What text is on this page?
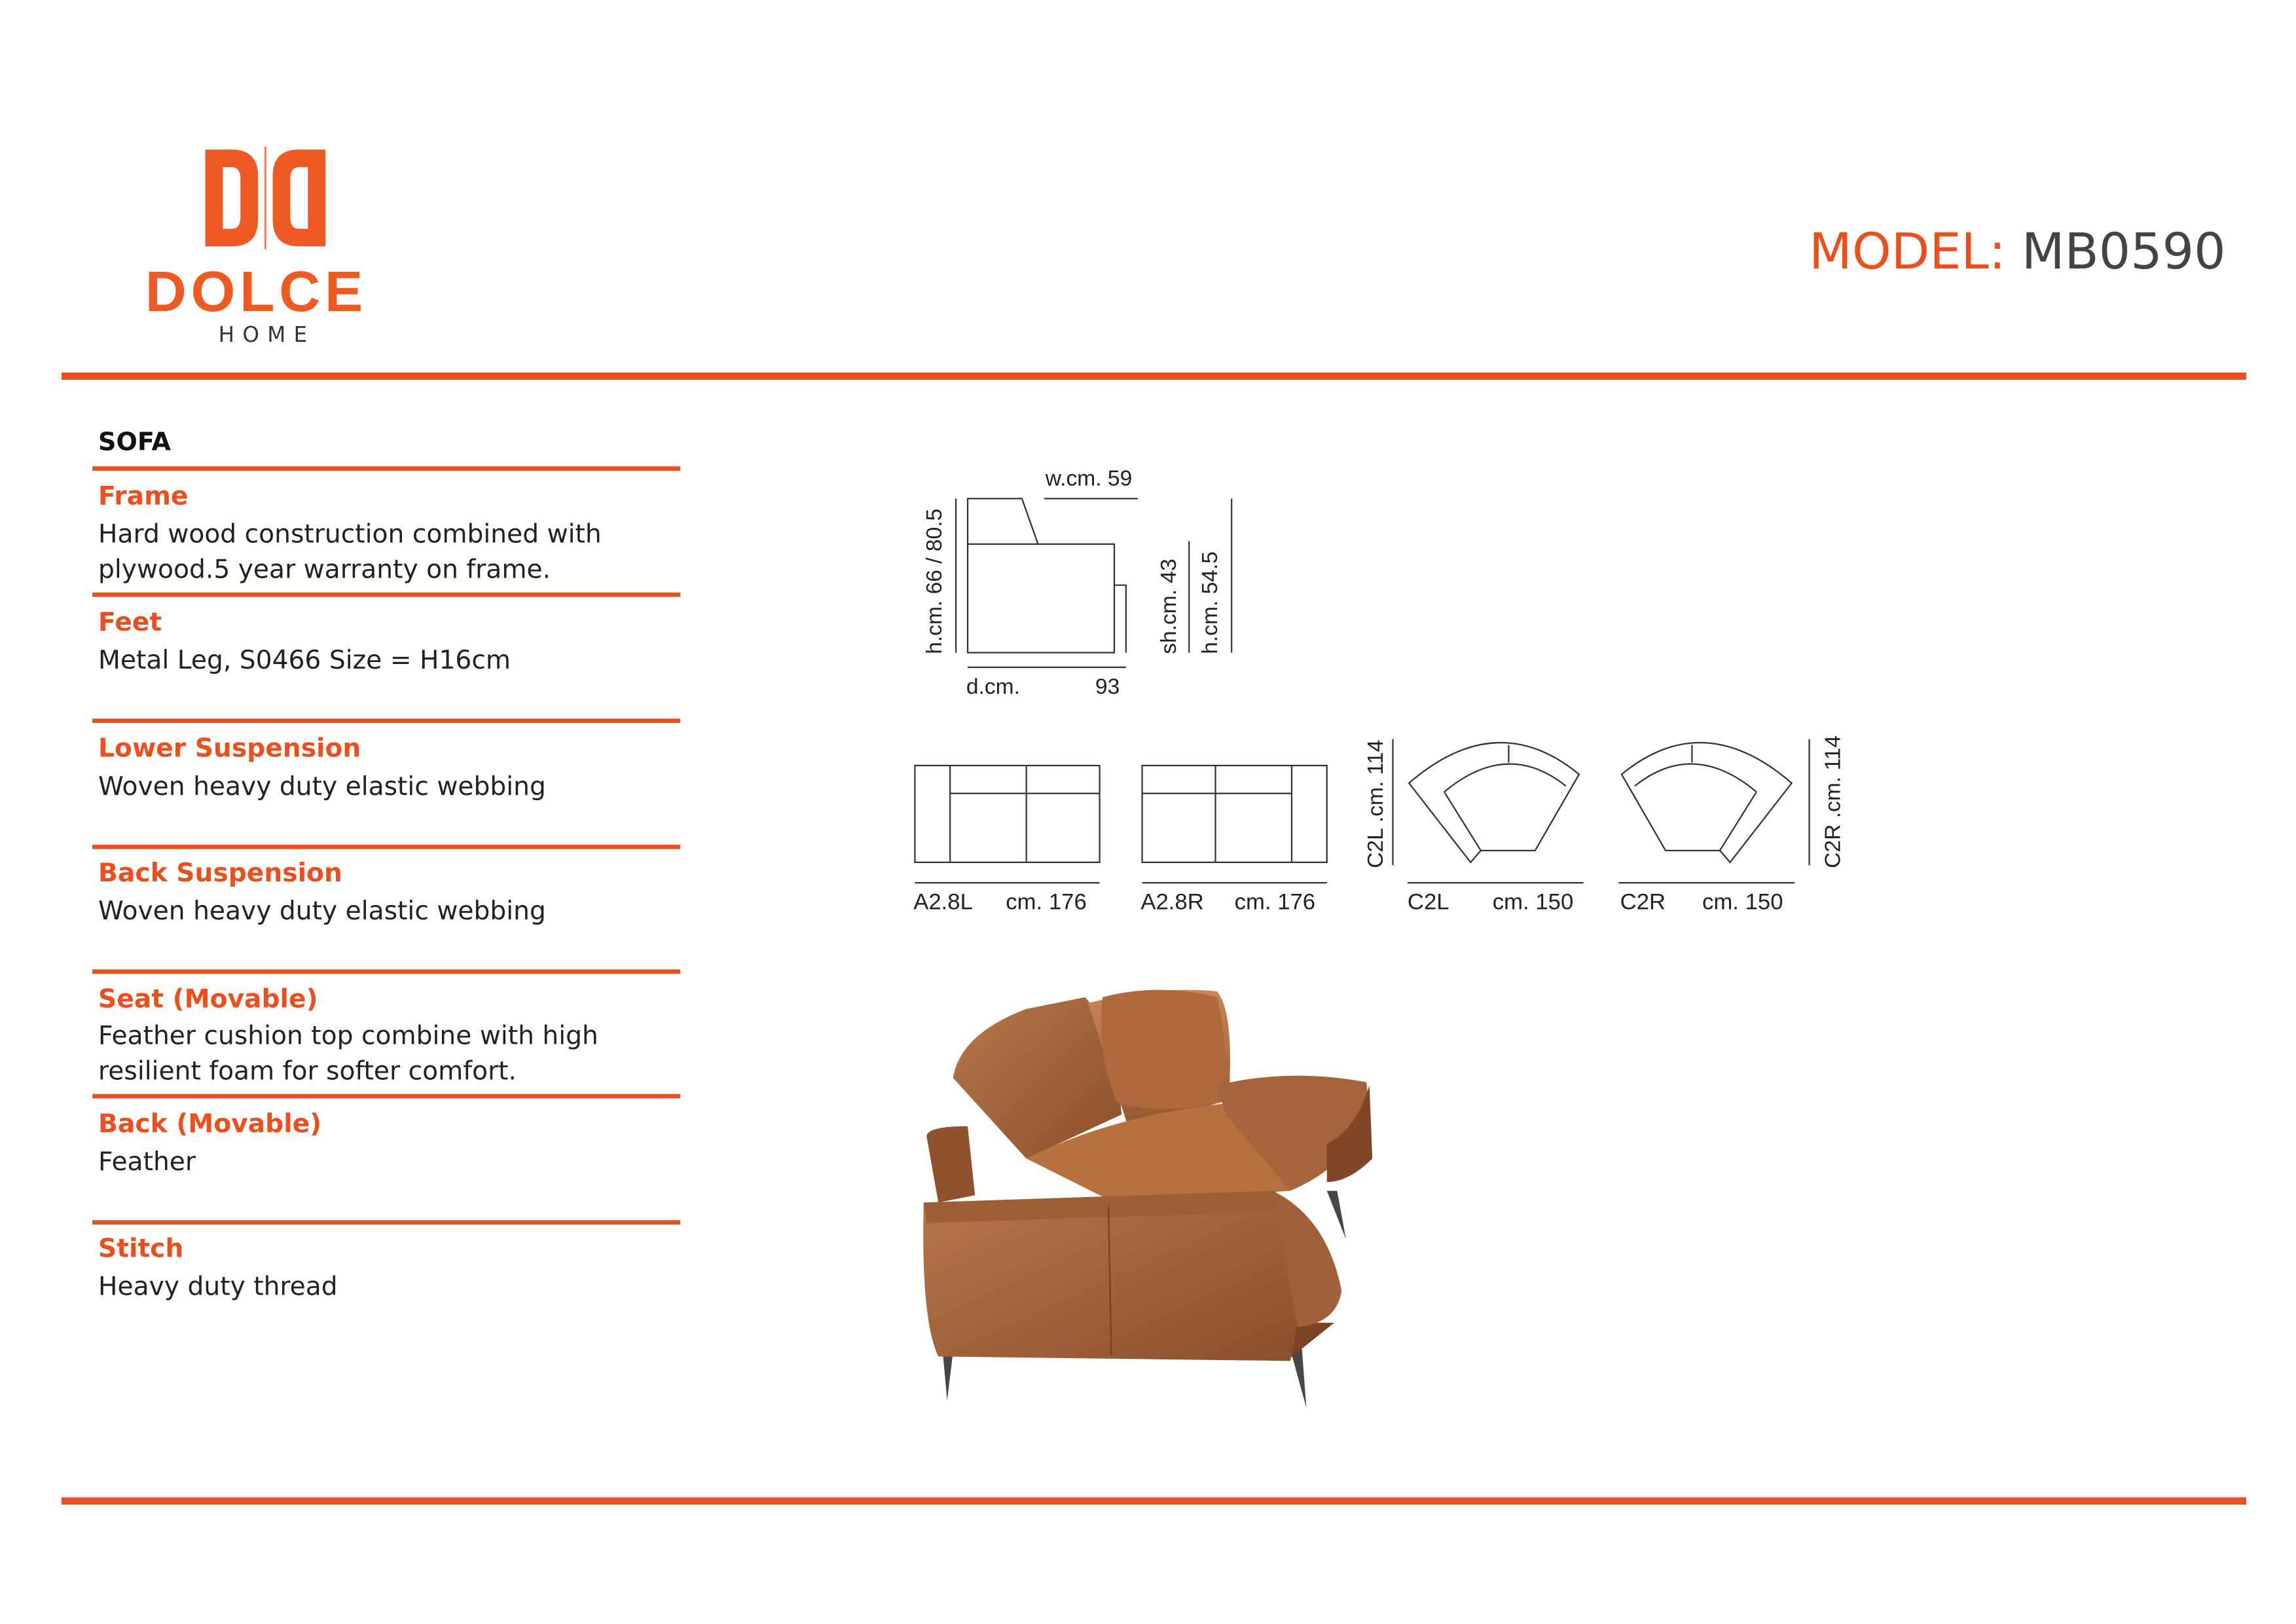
DOLCE
HOME
MODEL: MB0590
SOFA
Frame
Hard wood construction combined with plywood.5 year warranty on frame.
Feet
Metal Leg, S0466 Size = H16cm
Lower Suspension
Woven heavy duty elastic webbing
Back Suspension
Woven heavy duty elastic webbing
Seat (Movable)
Feather cushion top combine with high resilient foam for softer comfort.
Back (Movable)
Feather
Stitch
Heavy duty thread
w.cm. 59
h.cm. 66 / 80.5	sh.cm. 43 h.cm. 54.5
d.cm.	93
C2L .cm. 114	C2R .cm. 114
A2.8L	cm. 176	A2.8R	cm. 176	C2L	cm. 150	C2R	cm. 150
